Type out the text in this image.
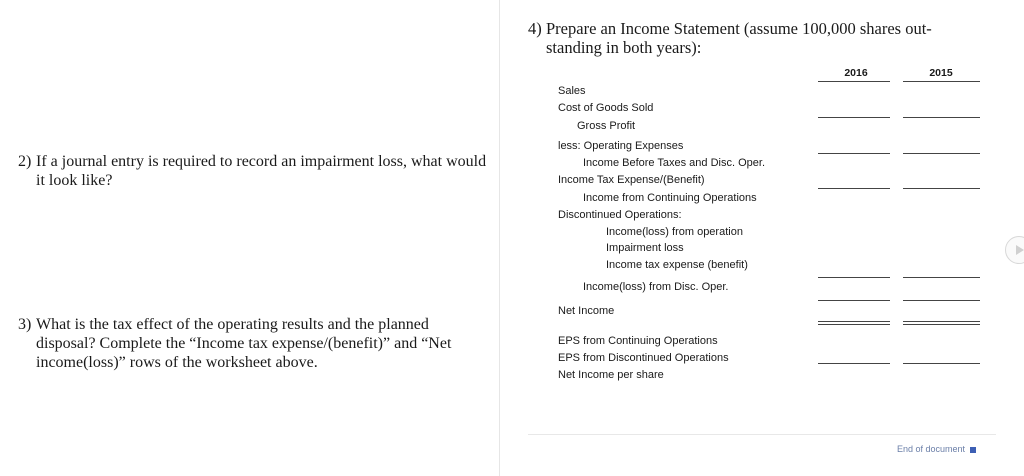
2) If a journal entry is required to record an impairment loss, what would it look like?
3) What is the tax effect of the operating results and the planned disposal? Complete the “Income tax expense/(benefit)” and “Net income(loss)” rows of the worksheet above.
4) Prepare an Income Statement (assume 100,000 shares out-standing in both years):
2016	2015
Sales
Cost of Goods Sold
Gross Profit
less: Operating Expenses
Income Before Taxes and Disc. Oper.
Income Tax Expense/(Benefit)
Income from Continuing Operations
Discontinued Operations:
Income(loss) from operation
Impairment loss
Income tax expense (benefit)
Income(loss) from Disc. Oper.
Net Income
EPS from Continuing Operations
EPS from Discontinued Operations
Net Income per share
End of document
